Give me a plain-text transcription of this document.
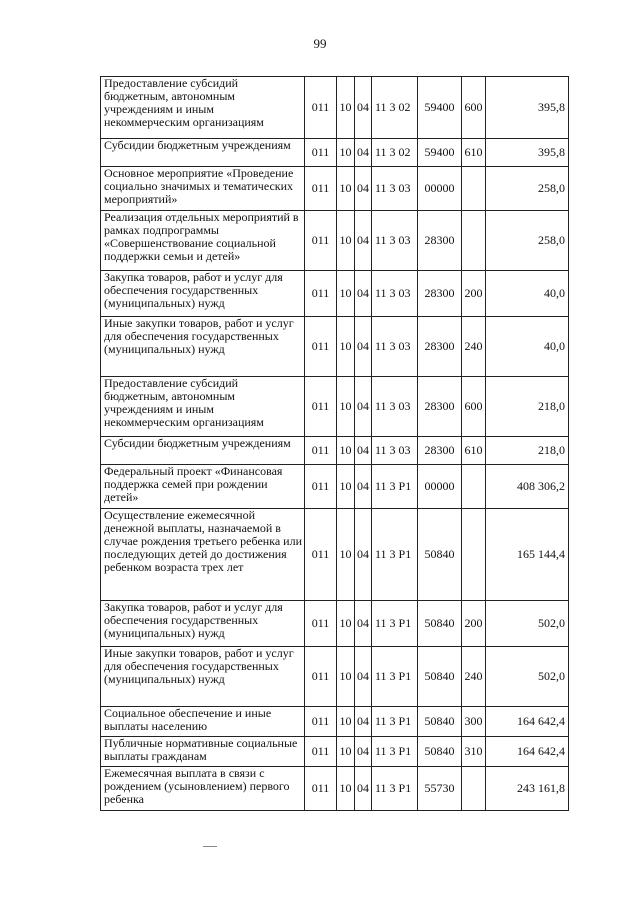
99
Предоставление субсидий бюджетным, автономным учреждениям и иным некоммерческим организациям	011	10	04	11 3 02	59400	600	395,8
Субсидии бюджетным учреждениям	011	10	04	11 3 02	59400	610	395,8
Основное мероприятие «Проведение социально значимых и тематических мероприятий»	011	10	04	11 3 03	00000		258,0
Реализация отдельных мероприятий в рамках подпрограммы «Совершенствование социальной поддержки семьи и детей»	011	10	04	11 3 03	28300		258,0
Закупка товаров, работ и услуг для обеспечения государственных (муниципальных) нужд	011	10	04	11 3 03	28300	200	40,0
Иные закупки товаров, работ и услуг для обеспечения государственных (муниципальных) нужд	011	10	04	11 3 03	28300	240	40,0
Предоставление субсидий бюджетным, автономным учреждениям и иным некоммерческим организациям	011	10	04	11 3 03	28300	600	218,0
Субсидии бюджетным учреждениям	011	10	04	11 3 03	28300	610	218,0
Федеральный проект «Финансовая поддержка семей при рождении детей»	011	10	04	11 3 P1	00000		408 306,2
Осуществление ежемесячной денежной выплаты, назначаемой в случае рождения третьего ребенка или последующих детей до достижения ребенком возраста трех лет	011	10	04	11 3 P1	50840		165 144,4
Закупка товаров, работ и услуг для обеспечения государственных (муниципальных) нужд	011	10	04	11 3 P1	50840	200	502,0
Иные закупки товаров, работ и услуг для обеспечения государственных (муниципальных) нужд	011	10	04	11 3 P1	50840	240	502,0
Социальное обеспечение и иные выплаты населению	011	10	04	11 3 P1	50840	300	164 642,4
Публичные нормативные социальные выплаты гражданам	011	10	04	11 3 P1	50840	310	164 642,4
Ежемесячная выплата в связи с рождением (усыновлением) первого ребенка	011	10	04	11 3 P1	55730		243 161,8
